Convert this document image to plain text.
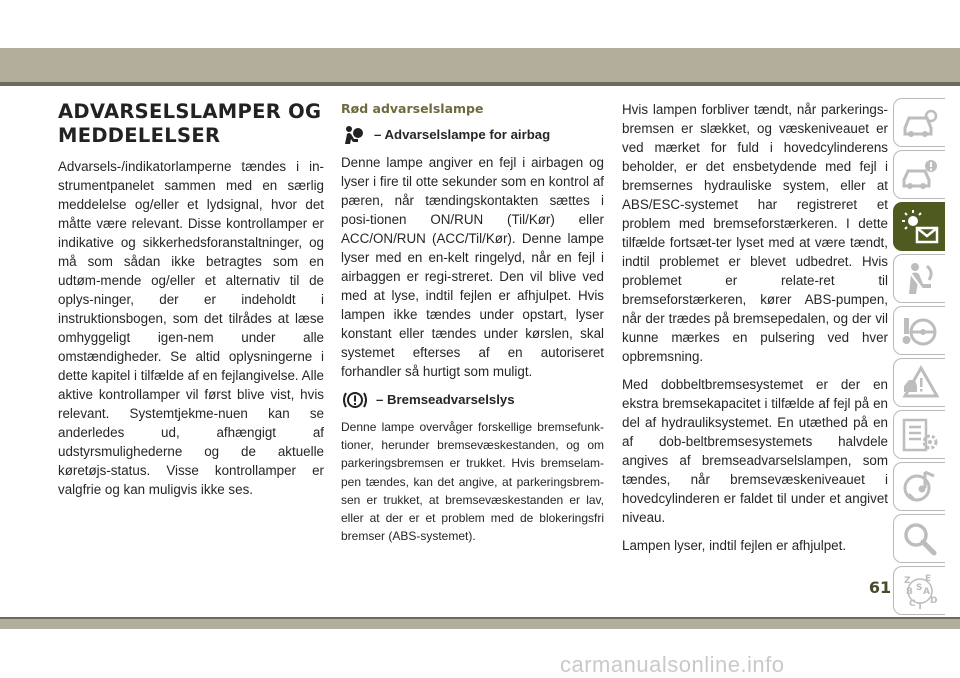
ADVARSELSLAMPER OG MEDDELELSER

Advarsels-/indikatorlamperne tændes i in-strumentpanelet sammen med en særlig meddelelse og/eller et lydsignal, hvor det måtte være relevant. Disse kontrollamper er indikative og sikkerhedsforanstaltninger, og må som sådan ikke betragtes som en udtøm-mende og/eller et alternativ til de oplys-ninger, der er indeholdt i instruktionsbogen, som det tilrådes at læse omhyggeligt igen-nem under alle omstændigheder. Se altid oplysningerne i dette kapitel i tilfælde af en fejlangivelse. Alle aktive kontrollamper vil først blive vist, hvis relevant. Systemtjekme-nuen kan se anderledes ud, afhængigt af udstyrsmulighederne og de aktuelle køretøjs-status. Visse kontrollamper er valgfrie og kan muligvis ikke ses.

Rød advarselslampe
– Advarselslampe for airbag

Denne lampe angiver en fejl i airbagen og lyser i fire til otte sekunder som en kontrol af pæren, når tændingskontakten sættes i posi-tionen ON/RUN (Til/Kør) eller ACC/ON/RUN (ACC/Til/Kør). Denne lampe lyser med en en-kelt ringelyd, når en fejl i airbaggen er regi-streret. Den vil blive ved med at lyse, indtil fejlen er afhjulpet. Hvis lampen ikke tændes under opstart, lyser konstant eller tændes under kørslen, skal systemet efterses af en autoriseret forhandler så hurtigt som muligt.

– Bremseadvarselslys

Denne lampe overvåger forskellige bremsefunk-tioner, herunder bremsevæskestanden, og om parkeringsbremsen er trukket. Hvis bremselam-pen tændes, kan det angive, at parkeringsbrem-sen er trukket, at bremsevæskestanden er lav, eller at der er et problem med de blokeringsfri bremser (ABS-systemet).

Hvis lampen forbliver tændt, når parkerings-bremsen er slækket, og væskeniveauet er ved mærket for fuld i hovedcylinderens beholder, er det ensbetydende med fejl i bremsernes hydrauliske system, eller at ABS/ESC-systemet har registreret et problem med bremseforstærkeren. I dette tilfælde fortsæt-ter lyset med at være tændt, indtil problemet er blevet udbedret. Hvis problemet er relate-ret til bremseforstærkeren, kører ABS-pumpen, når der trædes på bremsepedalen, og der vil kunne mærkes en pulsering ved hver opbremsning.

Med dobbeltbremsesystemet er der en ekstra bremsekapacitet i tilfælde af fejl på en del af hydrauliksystemet. En utæthed på en af dob-beltbremsesystemets halvdele angives af bremseadvarselslampen, som tændes, når bremsevæskeniveauet i hovedcylinderen er faldet til under et angivet niveau.

Lampen lyser, indtil fejlen er afhjulpet.

Z E
B A
C D
T
S
61
carmanualsonline.info
